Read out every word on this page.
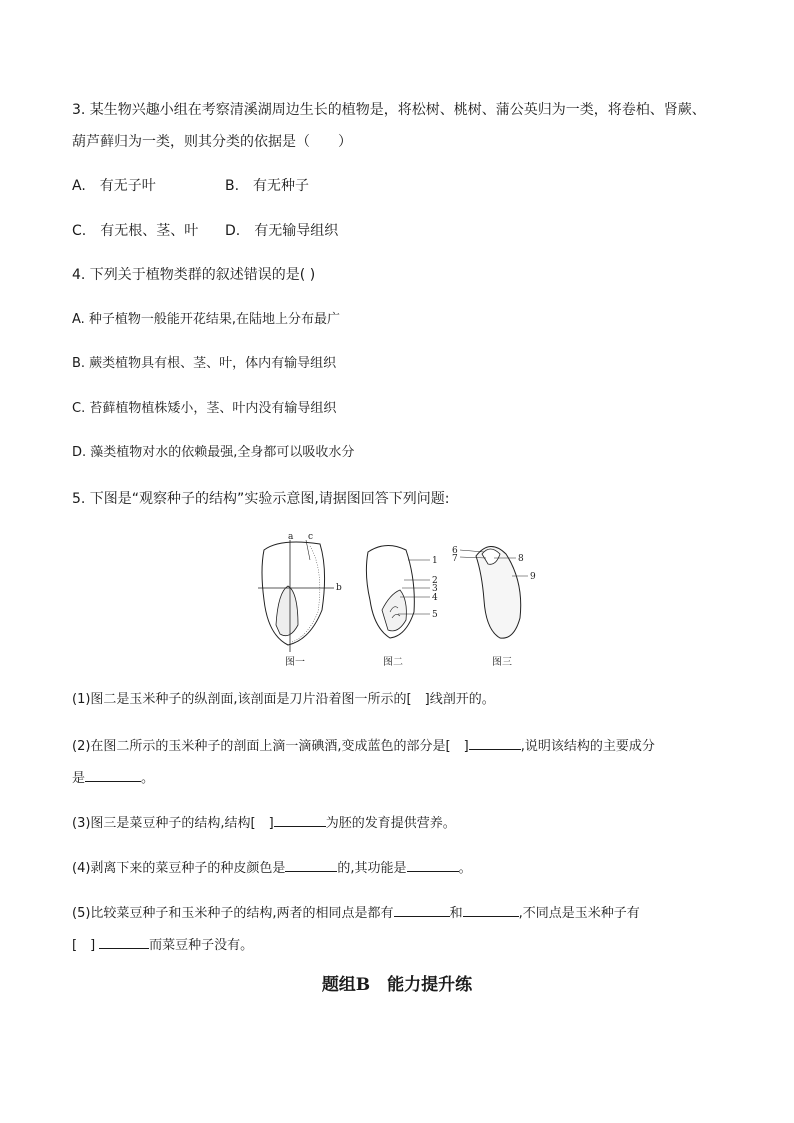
3. 某生物兴趣小组在考察清溪湖周边生长的植物是，将松树、桃树、蒲公英归为一类，将卷柏、肾蕨、
葫芦藓归为一类，则其分类的依据是（　　）
A.　有无子叶	B.　有无种子
C.　有无根、茎、叶 D.　有无输导组织
4. 下列关于植物类群的叙述错误的是( )
A. 种子植物一般能开花结果,在陆地上分布最广
B. 蕨类植物具有根、茎、叶，体内有输导组织
C. 苔藓植物植株矮小，茎、叶内没有输导组织
D. 藻类植物对水的依赖最强,全身都可以吸收水分
5. 下图是“观察种子的结构”实验示意图,请据图回答下列问题:
a c
b
1
2
3
4
5
6
7	8
9
图一	图二	图三
(1)图二是玉米种子的纵剖面,该剖面是刀片沿着图一所示的[　]线剖开的。
(2)在图二所示的玉米种子的剖面上滴一滴碘酒,变成蓝色的部分是[　]	,说明该结构的主要成分
是	。
(3)图三是菜豆种子的结构,结构[　]	为胚的发育提供营养。
(4)剥离下来的菜豆种子的种皮颜色是	的,其功能是	。
(5)比较菜豆种子和玉米种子的结构,两者的相同点是都有	和	,不同点是玉米种子有
[　]	而菜豆种子没有。
题组B　能力提升练
